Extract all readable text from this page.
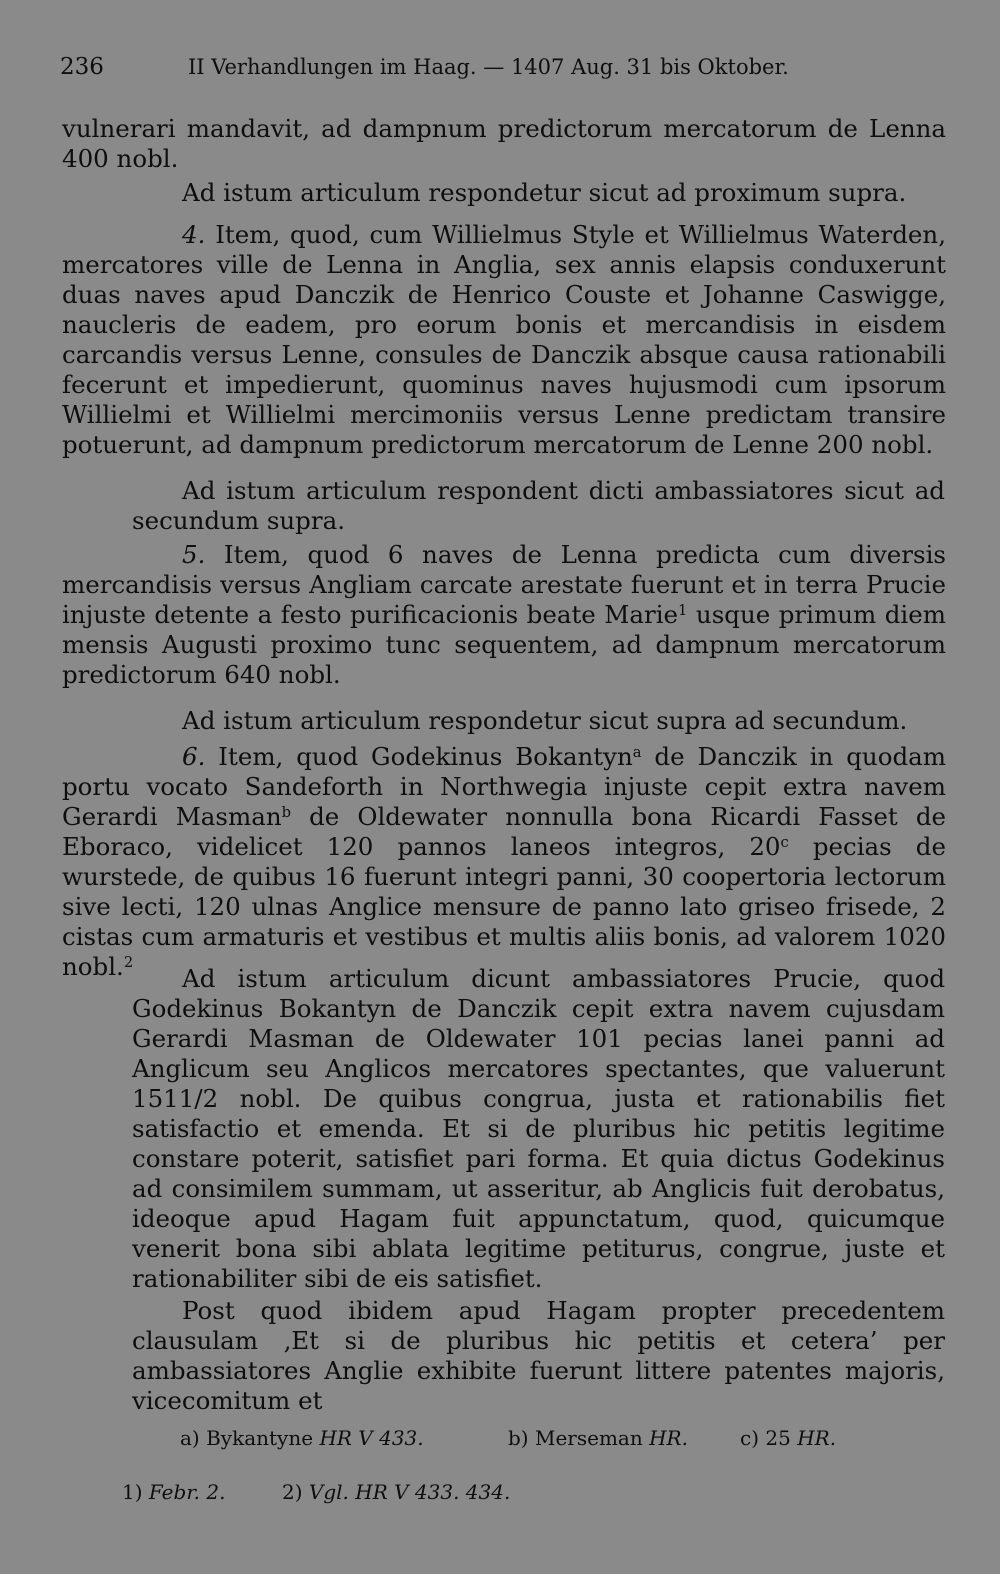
236	II Verhandlungen im Haag. — 1407 Aug. 31 bis Oktober.

vulnerari mandavit, ad dampnum predictorum mercatorum de Lenna 400 nobl.

Ad istum articulum respondetur sicut ad proximum supra.

4. Item, quod, cum Willielmus Style et Willielmus Waterden, mercatores ville de Lenna in Anglia, sex annis elapsis conduxerunt duas naves apud Danczik de Henrico Couste et Johanne Caswigge, naucleris de eadem, pro eorum bonis et mercandisis in eisdem carcandis versus Lenne, consules de Danczik absque causa rationabili fecerunt et impedierunt, quominus naves hujusmodi cum ipsorum Willielmi et Willielmi mercimoniis versus Lenne predictam transire potuerunt, ad dampnum predictorum mercatorum de Lenne 200 nobl.

Ad istum articulum respondent dicti ambassiatores sicut ad secundum supra.

5. Item, quod 6 naves de Lenna predicta cum diversis mercandisis versus Angliam carcate arestate fuerunt et in terra Prucie injuste detente a festo purificacionis beate Marie$^1$ usque primum diem mensis Augusti proximo tunc sequentem, ad dampnum mercatorum predictorum 640 nobl.

Ad istum articulum respondetur sicut supra ad secundum.

6. Item, quod Godekinus Bokantyn$^a$ de Danczik in quodam portu vocato Sandeforth in Northwegia injuste cepit extra navem Gerardi Masman$^b$ de Oldewater nonnulla bona Ricardi Fasset de Eboraco, videlicet 120 pannos laneos integros, 20$^c$ pecias de wurstede, de quibus 16 fuerunt integri panni, 30 coopertoria lectorum sive lecti, 120 ulnas Anglice mensure de panno lato griseo frisede, 2 cistas cum armaturis et vestibus et multis aliis bonis, ad valorem 1020 nobl.$^2$

Ad istum articulum dicunt ambassiatores Prucie, quod Godekinus Bokantyn de Danczik cepit extra navem cujusdam Gerardi Masman de Oldewater 101 pecias lanei panni ad Anglicum seu Anglicos mercatores spectantes, que valuerunt 1511/2 nobl. De quibus congrua, justa et rationabilis fiet satisfactio et emenda. Et si de pluribus hic petitis legitime constare poterit, satisfiet pari forma. Et quia dictus Godekinus ad consimilem summam, ut asseritur, ab Anglicis fuit derobatus, ideoque apud Hagam fuit appunctatum, quod, quicumque venerit bona sibi ablata legitime petiturus, congrue, juste et rationabiliter sibi de eis satisfiet.

Post quod ibidem apud Hagam propter precedentem clausulam ‚Et si de pluribus hic petitis et cetera’ per ambassiatores Anglie exhibite fuerunt littere patentes majoris, vicecomitum et

a) Bykantyne HR V 433.	b) Merseman HR.	c) 25 HR.
1) Febr. 2.	2) Vgl. HR V 433. 434.
